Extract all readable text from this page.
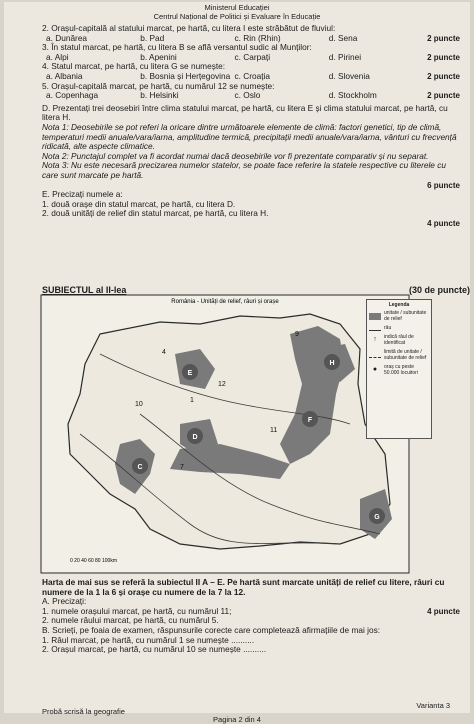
Ministerul Educației
Centrul Național de Politici și Evaluare în Educație
2. Orașul-capitală al statului marcat, pe hartă, cu litera I este străbătut de fluviul:
a. Dunărea	b. Pad	c. Rin (Rhin)	d. Sena	2 puncte
3. În statul marcat, pe hartă, cu litera B se află versantul sudic al Munților:
a. Alpi	b. Apenini	c. Carpați	d. Pirinei	2 puncte
4. Statul marcat, pe hartă, cu litera G se numește:
a. Albania	b. Bosnia și Herțegovina c. Croația	d. Slovenia	2 puncte
5. Orașul-capitală marcat, pe hartă, cu numărul 12 se numește:
a. Copenhaga	b. Helsinki	c. Oslo	d. Stockholm	2 puncte
D. Prezentați trei deosebiri între clima statului marcat, pe hartă, cu litera E și clima statului marcat, pe hartă, cu litera H.
Nota 1: Deosebirile se pot referi la oricare dintre următoarele elemente de climă: factori genetici, tip de climă, temperaturi medii anuale/vara/iarna, amplitudine termică, precipitații medii anuale/vara/iarna, vânturi cu frecvență ridicată, alte aspecte climatice.
Nota 2: Punctajul complet va fi acordat numai dacă deosebirile vor fi prezentate comparativ și nu separat.
Nota 3: Nu este necesară precizarea numelor statelor, se poate face referire la statele respective cu literele cu care sunt marcate pe hartă.
6 puncte
E. Precizați numele a:
1. două orașe din statul marcat, pe hartă, cu litera D.
2. două unități de relief din statul marcat, pe hartă, cu litera H.
4 puncte
SUBIECTUL al II-lea	(30 de puncte)
România - Unități de relief, râuri și orașe
E
H
D
G
F
C
10
12
11
7
9
4
1
0 20 40 60 80 100km
Legenda
unitate / subunitate de relief
râu
↑	indică râul de identificat
limită de unitate / subunitate de relief
●	oraș cu peste 50.000 locuitori
Harta de mai sus se referă la subiectul II A – E. Pe hartă sunt marcate unități de relief cu litere, râuri cu numere de la 1 la 6 și orașe cu numere de la 7 la 12.
A. Precizați:
1. numele orașului marcat, pe hartă, cu numărul 11;	4 puncte
2. numele râului marcat, pe hartă, cu numărul 5.
B. Scrieți, pe foaia de examen, răspunsurile corecte care completează afirmațiile de mai jos:
1. Râul marcat, pe hartă, cu numărul 1 se numește ..........
2. Orașul marcat, pe hartă, cu numărul 10 se numește ..........
Probă scrisă la geografie
Pagina 2 din 4
Varianta 3
